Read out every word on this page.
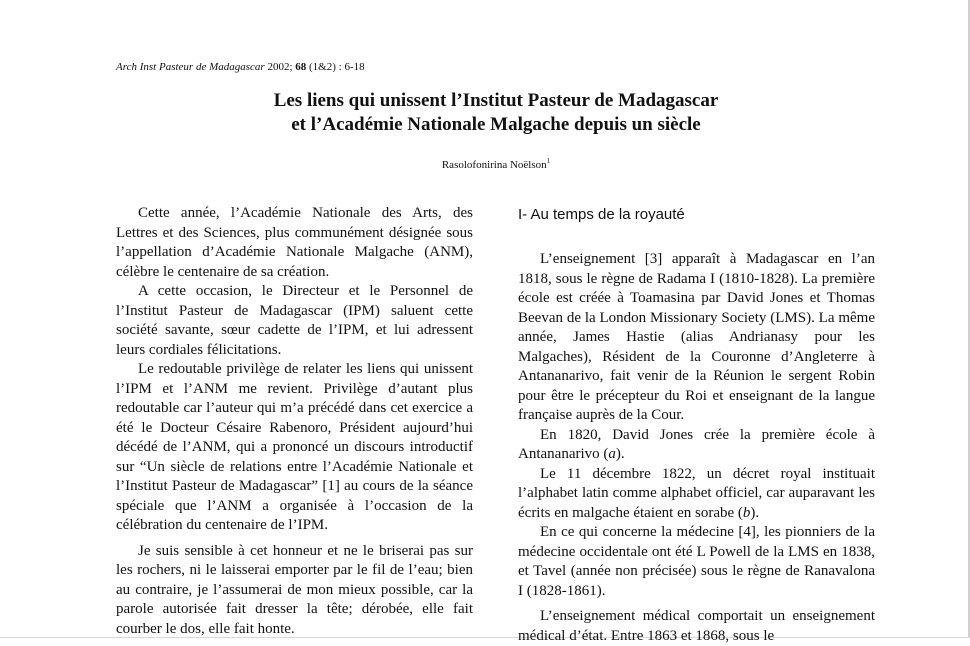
Arch Inst Pasteur de Madagascar 2002; 68 (1&2) : 6-18
Les liens qui unissent l’Institut Pasteur de Madagascar
et l’Académie Nationale Malgache depuis un siècle
Rasolofonirina Noëlson$^1$

Cette année, l’Académie Nationale des Arts, des Lettres et des Sciences, plus communément désignée sous l’appellation d’Académie Nationale Malgache (ANM), célèbre le centenaire de sa création.

A cette occasion, le Directeur et le Personnel de l’Institut Pasteur de Madagascar (IPM) saluent cette société savante, sœur cadette de l’IPM, et lui adressent leurs cordiales félicitations.

Le redoutable privilège de relater les liens qui unissent l’IPM et l’ANM me revient. Privilège d’autant plus redoutable car l’auteur qui m’a précédé dans cet exercice a été le Docteur Césaire Rabenoro, Président aujourd’hui décédé de l’ANM, qui a prononcé un discours introductif sur “Un siècle de relations entre l’Académie Nationale et l’Institut Pasteur de Madagascar” [1] au cours de la séance spéciale que l’ANM a organisée à l’occasion de la célébration du centenaire de l’IPM.

Je suis sensible à cet honneur et ne le briserai pas sur les rochers, ni le laisserai emporter par le fil de l’eau; bien au contraire, je l’assumerai de mon mieux possible, car la parole autorisée fait dresser la tête; dérobée, elle fait courber le dos, elle fait honte.

I- Au temps de la royauté

L’enseignement [3] apparaît à Madagascar en l’an 1818, sous le règne de Radama I (1810-1828). La première école est créée à Toamasina par David Jones et Thomas Beevan de la London Missionary Society (LMS). La même année, James Hastie (alias Andrianasy pour les Malgaches), Résident de la Couronne d’Angleterre à Antananarivo, fait venir de la Réunion le sergent Robin pour être le précepteur du Roi et enseignant de la langue française auprès de la Cour.

En 1820, David Jones crée la première école à Antananarivo (a).

Le 11 décembre 1822, un décret royal instituait l’alphabet latin comme alphabet officiel, car auparavant les écrits en malgache étaient en sorabe (b).

En ce qui concerne la médecine [4], les pionniers de la médecine occidentale ont été L Powell de la LMS en 1838, et Tavel (année non précisée) sous le règne de Ranavalona I (1828-1861).

L’enseignement médical comportait un enseignement médical d’état. Entre 1863 et 1868, sous le
